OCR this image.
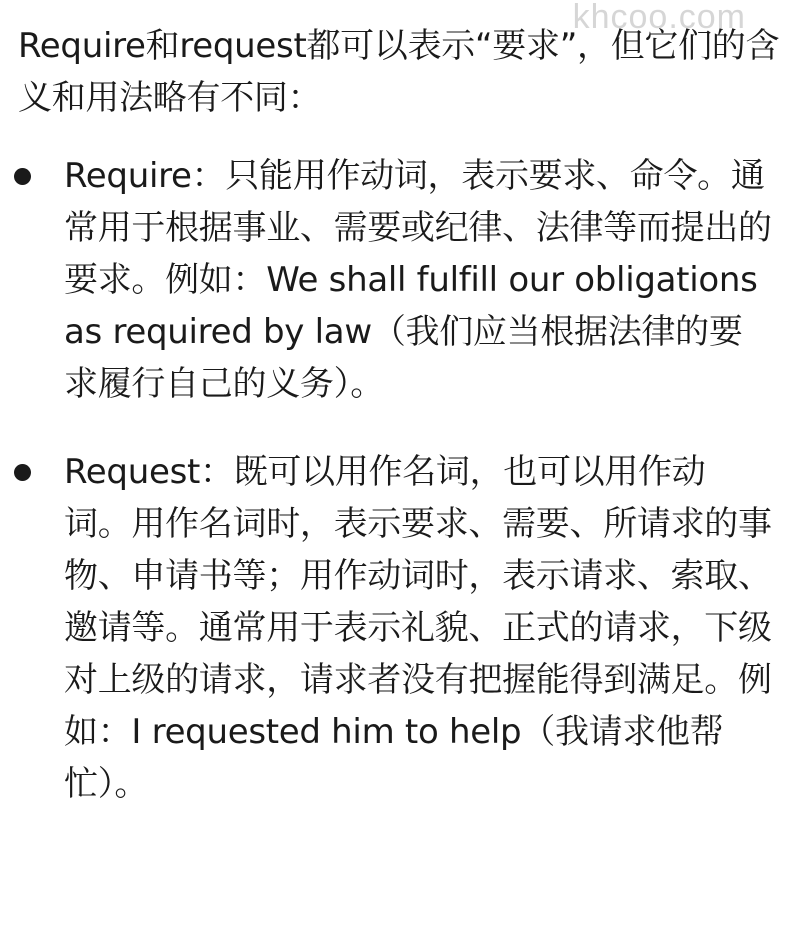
khcoo.com

Require和request都可以表示“要求”，但它们的含义和用法略有不同：

Require：只能用作动词，表示要求、命令。通常用于根据事业、需要或纪律、法律等而提出的要求。例如：We shall fulfill our obligations as required by law（我们应当根据法律的要求履行自己的义务）。
Request：既可以用作名词，也可以用作动词。用作名词时，表示要求、需要、所请求的事物、申请书等；用作动词时，表示请求、索取、邀请等。通常用于表示礼貌、正式的请求，下级对上级的请求，请求者没有把握能得到满足。例如：I requested him to help（我请求他帮忙）。
